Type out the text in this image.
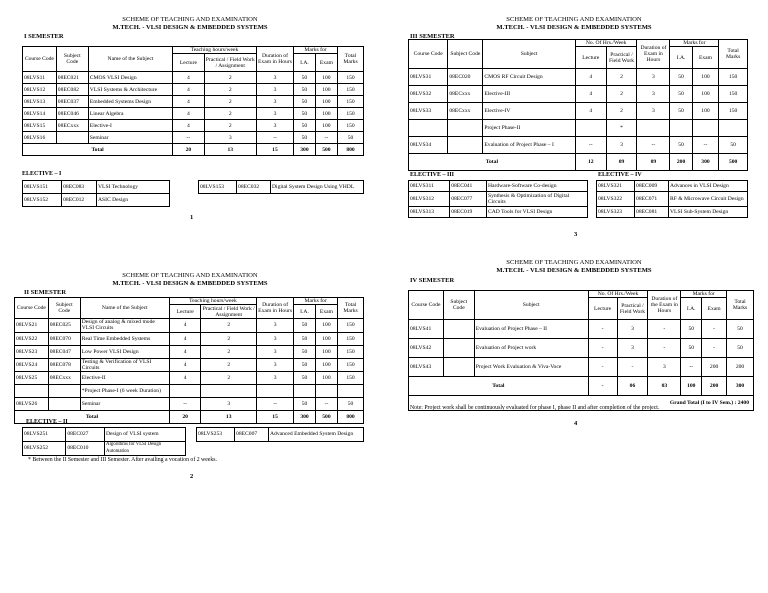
SCHEME OF TEACHING AND EXAMINATION
M.TECH. - VLSI DESIGN & EMBEDDED SYSTEMS
I SEMESTER
Course Code	Subject Code	Name of the Subject	Teaching hours/week		Duration of Exam in Hours	Marks for		Total Marks
			Lecture	Practical / Field Work / Assignment		I.A.	Exam	
08LVS11	08EC021	CMOS VLSI Design	4	2	3	50	100	150
08LVS12	08EC082	VLSI Systems & Architecture	4	2	3	50	100	150
08LVS13	08EC037	Embedded Systems Design	4	2	3	50	100	150
08LVS14	08EC046	Linear Algebra	4	2	3	50	100	150
08LVS15	08ECxxx	Elective-I	4	2	3	50	100	150
08LVS16		Seminar	--	3	--	50	--	50
Total			20	13	15	300	500	800
ELECTIVE – I
08LVS151	08EC083	VLSI Technology
08LVS152	08EC012	ASIC Design
08LVS153	08EC032	Digital System Design Using VHDL
1
SCHEME OF TEACHING AND EXAMINATION
M.TECH. - VLSI DESIGN & EMBEDDED SYSTEMS
II SEMESTER
Course Code	Subject Code	Name of the Subject	Teaching hours/week		Duration of Exam in Hours	Marks for		Total Marks
			Lecture	Practical / Field Work / Assignment		I.A.	Exam	
08LVS21	08EC025	Design of analog & mixed mode VLSI Circuits	4	2	3	50	100	150
08LVS22	08EC070	Real Time Embedded Systems	4	2	3	50	100	150
08LVS23	08EC047	Low Power VLSI Design	4	2	3	50	100	150
08LVS24	08EC078	Testing & Verification of VLSI Circuits	4	2	3	50	100	150
08LVS25	08ECxxx	Elective-II	4	2	3	50	100	150
		*Project Phase-I (6 week Duration)						
08LVS26		Seminar	--	3	--	50	--	50
Total			20	13	15	300	500	800
ELECTIVE – II
08LVS251	08EC027	Design of VLSI system
08LVS252	08EC010	Algorithms for VLSI Design Automation
08LVS253	08EC007	Advanced Embedded System Design
* Between the II Semester and III Semester. After availing a vocation of 2 weeks.
2
SCHEME OF TEACHING AND EXAMINATION
M.TECH. - VLSI DESIGN & EMBEDDED SYSTEMS
III SEMESTER
Course Code	Subject Code	Subject	No. Of Hrs./Week		Duration of Exam in Hours	Marks for		Total Marks
			Lecture	Practical / Field Work		I.A.	Exam	
08LVS31	08EC020	CMOS RF Circuit Design	4	2	3	50	100	150
08LVS32	08ECxxx	Elective-III	4	2	3	50	100	150
08LVS33	08ECxxx	Elective-IV	4	2	3	50	100	150
		Project Phase-II		*				
08LVS34		Evaluation of Project Phase – I	--	3	--	50	--	50
Total			12	09	09	200	300	500
ELECTIVE – III	ELECTIVE – IV
08LVS311	08EC041	Hardware-Software Co-design
08LVS312	08EC077	Synthesis & Optimization of Digital Circuits
08LVS313	08EC019	CAD Tools for VLSI Design
08LVS321	08EC009	Advances in VLSI Design
08LVS322	08EC071	RF & Microwave Circuit Design
08LVS323	08EC081	VLSI Sub-System Design
3
SCHEME OF TEACHING AND EXAMINATION
M.TECH. - VLSI DESIGN & EMBEDDED SYSTEMS
IV SEMESTER
Course Code	Subject Code	Subject	No. Of Hrs./Week		Duration of the Exam in Hours	Marks for		Total Marks
			Lecture	Practical / Field Work		I.A.	Exam	
08LVS41		Evaluation of Project Phase – II	-	3	-	50	-	50
08LVS42		Evaluation of Project work	-	3	-	50	-	50
08LVS43		Project Work Evaluation & Viva-Voce	-	-	3	--	200	200
Total			-	06	03	100	200	300
Grand Total (I to IV Sem.) : 2400								
Note: Project work shall be continuously evaluated for phase I, phase II and after completion of the project.
4
